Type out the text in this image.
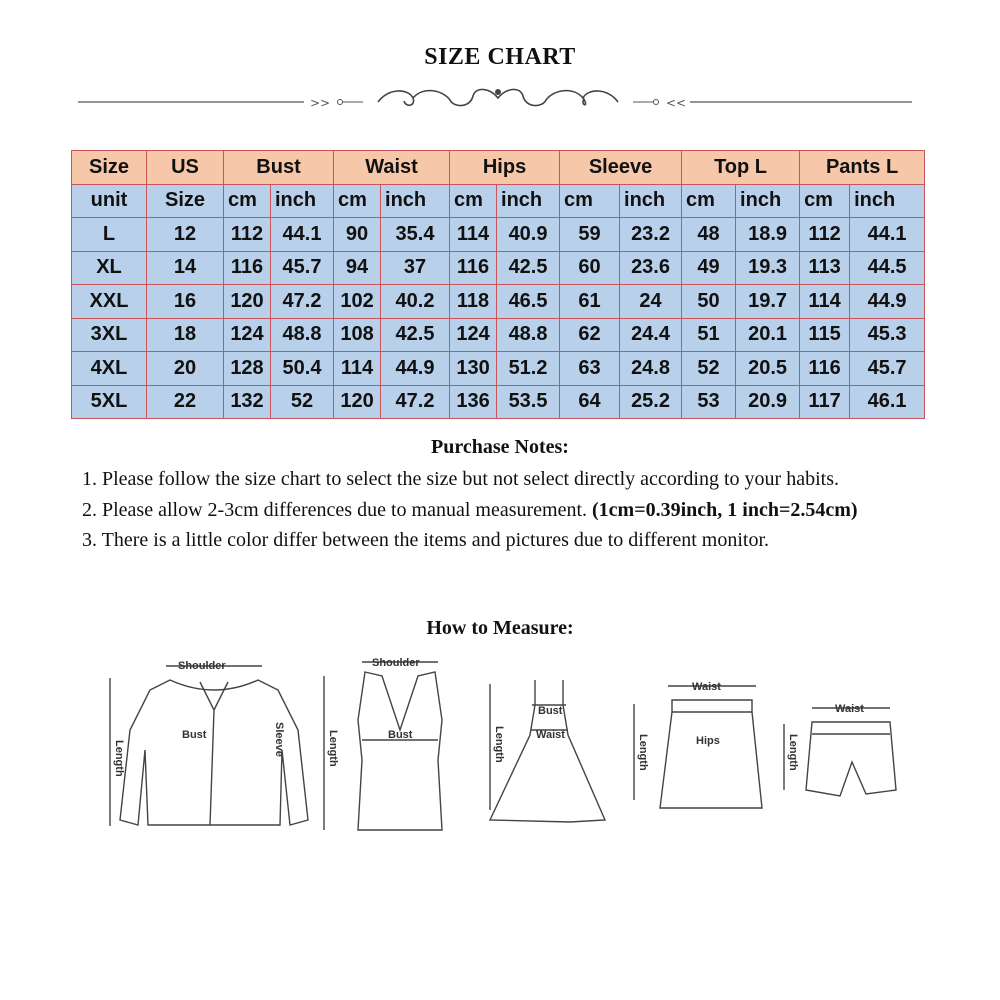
SIZE CHART
>>	<<
Size	US	Bust		Waist		Hips		Sleeve		Top L		Pants L	
unit	Size	cm	inch	cm	inch	cm	inch	cm	inch	cm	inch	cm	inch
L	12	112	44.1	90	35.4	114	40.9	59	23.2	48	18.9	112	44.1
XL	14	116	45.7	94	37	116	42.5	60	23.6	49	19.3	113	44.5
XXL	16	120	47.2	102	40.2	118	46.5	61	24	50	19.7	114	44.9
3XL	18	124	48.8	108	42.5	124	48.8	62	24.4	51	20.1	115	45.3
4XL	20	128	50.4	114	44.9	130	51.2	63	24.8	52	20.5	116	45.7
5XL	22	132	52	120	47.2	136	53.5	64	25.2	53	20.9	117	46.1
Purchase Notes:

1. Please follow the size chart to select the size but not select directly according to your habits.

2. Please allow 2-3cm differences due to manual measurement. (1cm=0.39inch, 1 inch=2.54cm)

3. There is a little color differ between the items and pictures due to different monitor.

How to Measure:
Shoulder
Length
Bust	Sleeve
Shoulder
Length	Bust
Bust
Waist
Length
Waist
Hips
Length
Waist
Length
